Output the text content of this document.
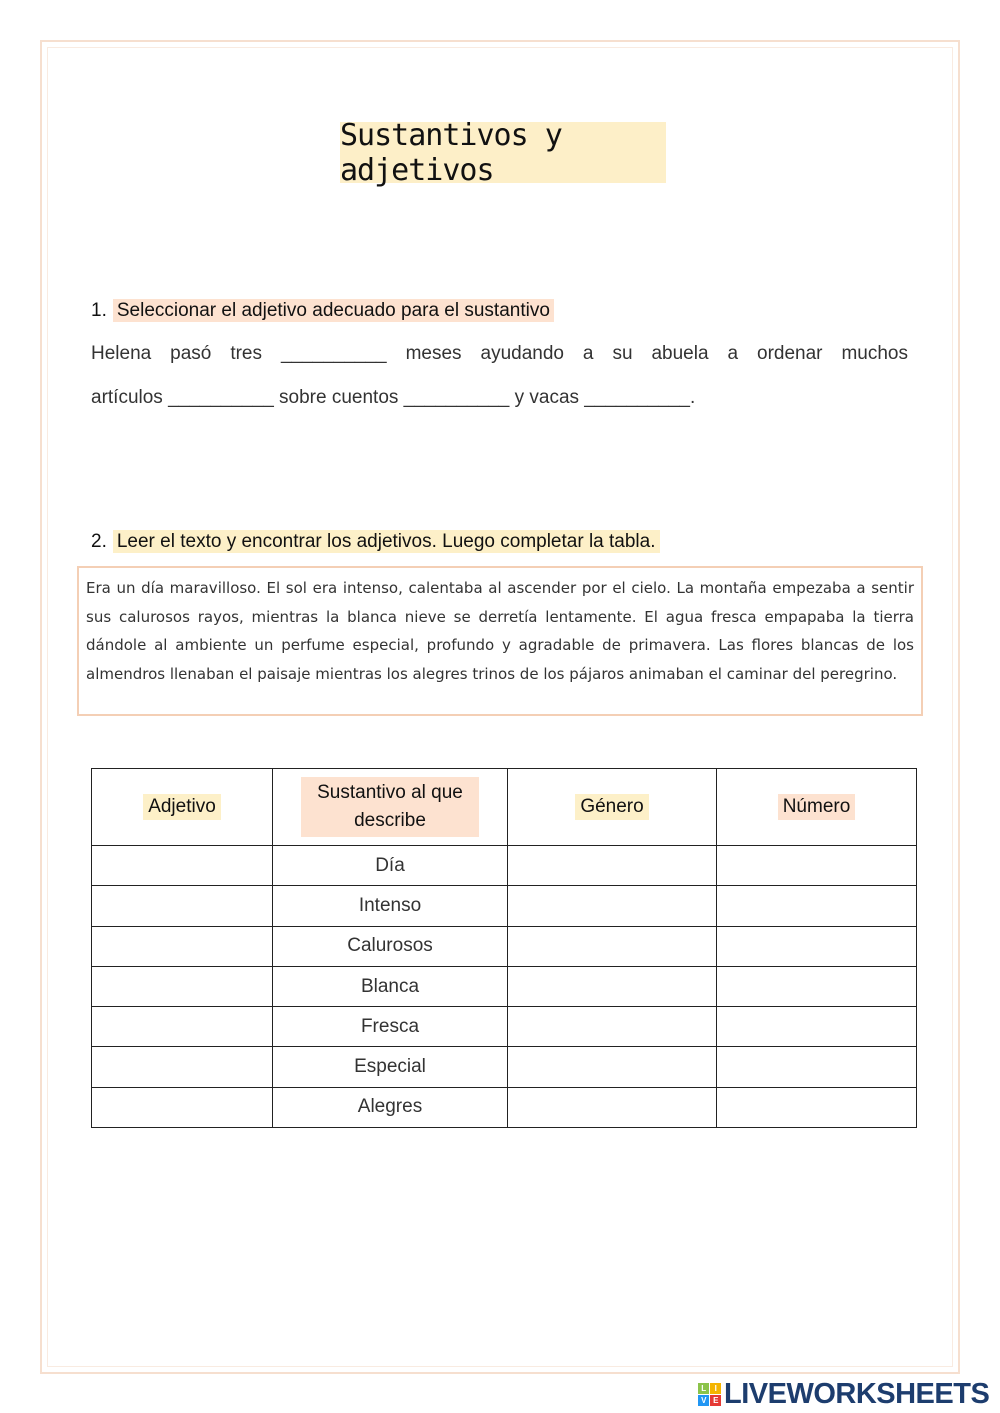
Sustantivos y adjetivos
1. Seleccionar el adjetivo adecuado para el sustantivo
Helena pasó tres __________ meses ayudando a su abuela a ordenar muchos
artículos __________ sobre cuentos __________ y vacas __________.
2. Leer el texto y encontrar los adjetivos. Luego completar la tabla.
Era un día maravilloso. El sol era intenso, calentaba al ascender por el cielo. La montaña empezaba a sentir sus calurosos rayos, mientras la blanca nieve se derretía lentamente. El agua fresca empapaba la tierra dándole al ambiente un perfume especial, profundo y agradable de primavera. Las flores blancas de los almendros llenaban el paisaje mientras los alegres trinos de los pájaros animaban el caminar del peregrino.
Adjetivo	Sustantivo al que describe	Género	Número
	Día		
	Intenso		
	Calurosos		
	Blanca		
	Fresca		
	Especial		
	Alegres		
L	I
V E LIVEWORKSHEETS
